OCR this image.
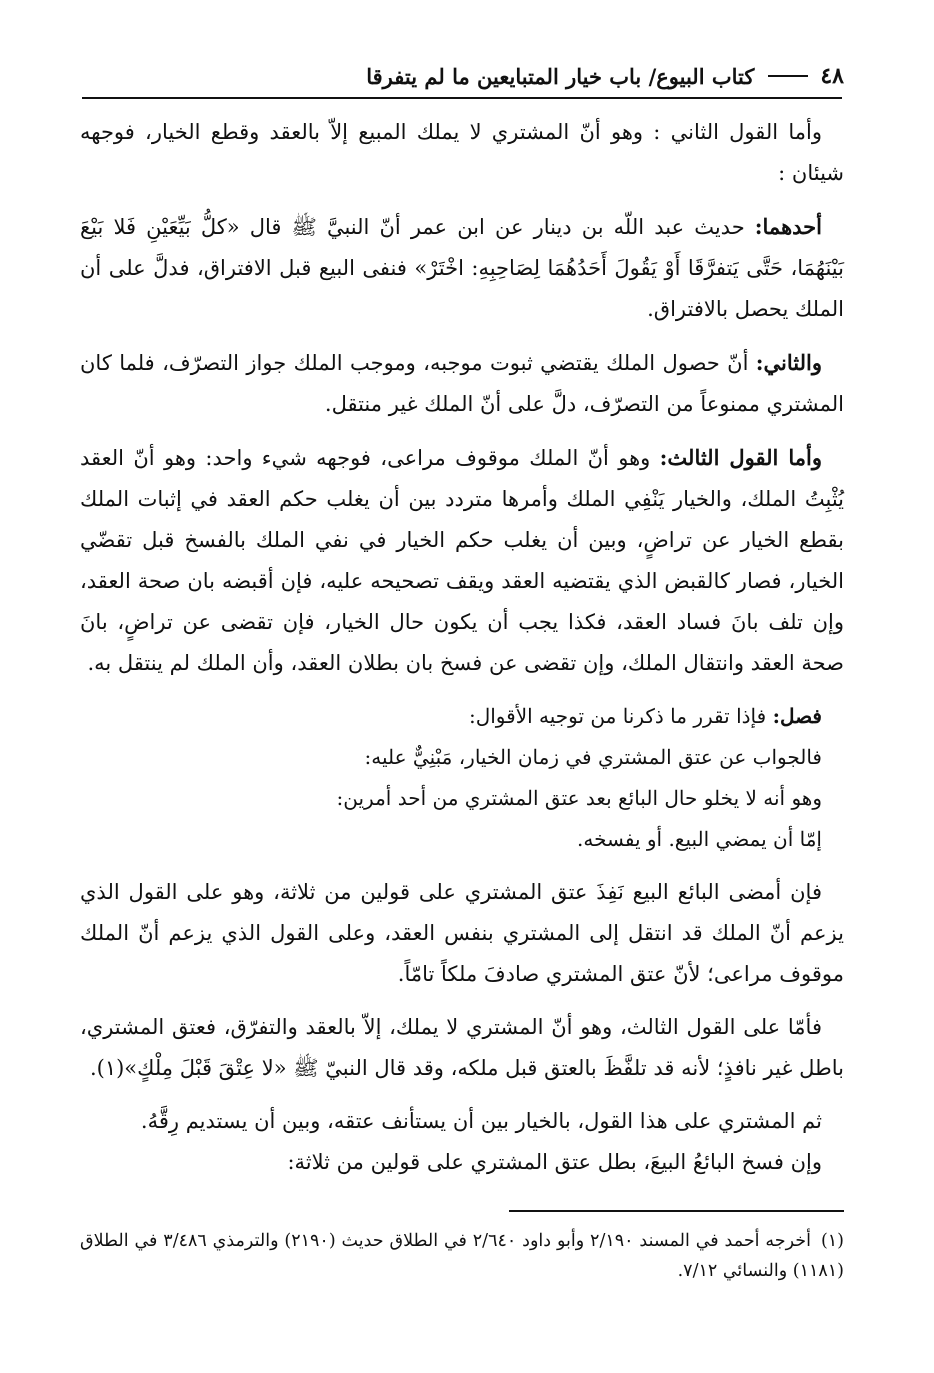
٤٨
كتاب البيوع/ باب خيار المتبايعين ما لم يتفرقا

وأما القول الثاني : وهو أنّ المشتري لا يملك المبيع إلاّ بالعقد وقطع الخيار، فوجهه شيئان :

أحدهما: حديث عبد اللّه بن دينار عن ابن عمر أنّ النبيَّ ﷺ قال «كلُّ بَيِّعَيْنِ فَلا بَيْعَ بَيْنَهُمَا، حَتَّى يَتفرَّقَا أَوْ يَقُولَ أَحَدُهُمَا لِصَاحِبِهِ: اخْتَرْ» فنفى البيع قبل الافتراق، فدلَّ على أن الملك يحصل بالافتراق.

والثاني: أنّ حصول الملك يقتضي ثبوت موجبه، وموجب الملك جواز التصرّف، فلما كان المشتري ممنوعاً من التصرّف، دلَّ على أنّ الملك غير منتقل.

وأما القول الثالث: وهو أنّ الملك موقوف مراعى، فوجهه شيء واحد: وهو أنّ العقد يُثْبِتُ الملك، والخيار يَنْفِي الملك وأمرها متردد بين أن يغلب حكم العقد في إثبات الملك بقطع الخيار عن تراضٍ، وبين أن يغلب حكم الخيار في نفي الملك بالفسخ قبل تقضّي الخيار، فصار كالقبض الذي يقتضيه العقد ويقف تصحيحه عليه، فإن أقبضه بان صحة العقد، وإن تلف بانَ فساد العقد، فكذا يجب أن يكون حال الخيار، فإن تقضى عن تراضٍ، بانَ صحة العقد وانتقال الملك، وإن تقضى عن فسخ بان بطلان العقد، وأن الملك لم ينتقل به.

فصل: فإذا تقرر ما ذكرنا من توجيه الأقوال:
فالجواب عن عتق المشتري في زمان الخيار، مَبْنِيٌّ عليه:
وهو أنه لا يخلو حال البائع بعد عتق المشتري من أحد أمرين:
إمّا أن يمضي البيع. أو يفسخه.

فإن أمضى البائع البيع نَفِذَ عتق المشتري على قولين من ثلاثة، وهو على القول الذي يزعم أنّ الملك قد انتقل إلى المشتري بنفس العقد، وعلى القول الذي يزعم أنّ الملك موقوف مراعى؛ لأنّ عتق المشتري صادفَ ملكاً تامّاً.

فأمّا على القول الثالث، وهو أنّ المشتري لا يملك، إلاّ بالعقد والتفرّق، فعتق المشتري، باطل غير نافذٍ؛ لأنه قد تلفَّظَ بالعتق قبل ملكه، وقد قال النبيّ ﷺ «لا عِتْقَ قَبْلَ مِلْكٍ»(١).

ثم المشتري على هذا القول، بالخيار بين أن يستأنف عتقه، وبين أن يستديم رِقَّهُ.

وإن فسخ البائعُ البيعَ، بطل عتق المشتري على قولين من ثلاثة:

(١)أخرجه أحمد في المسند ٢/١٩٠ وأبو داود ٢/٦٤٠ في الطلاق حديث (٢١٩٠) والترمذي ٣/٤٨٦ في الطلاق (١١٨١) والنسائي ٧/١٢.
